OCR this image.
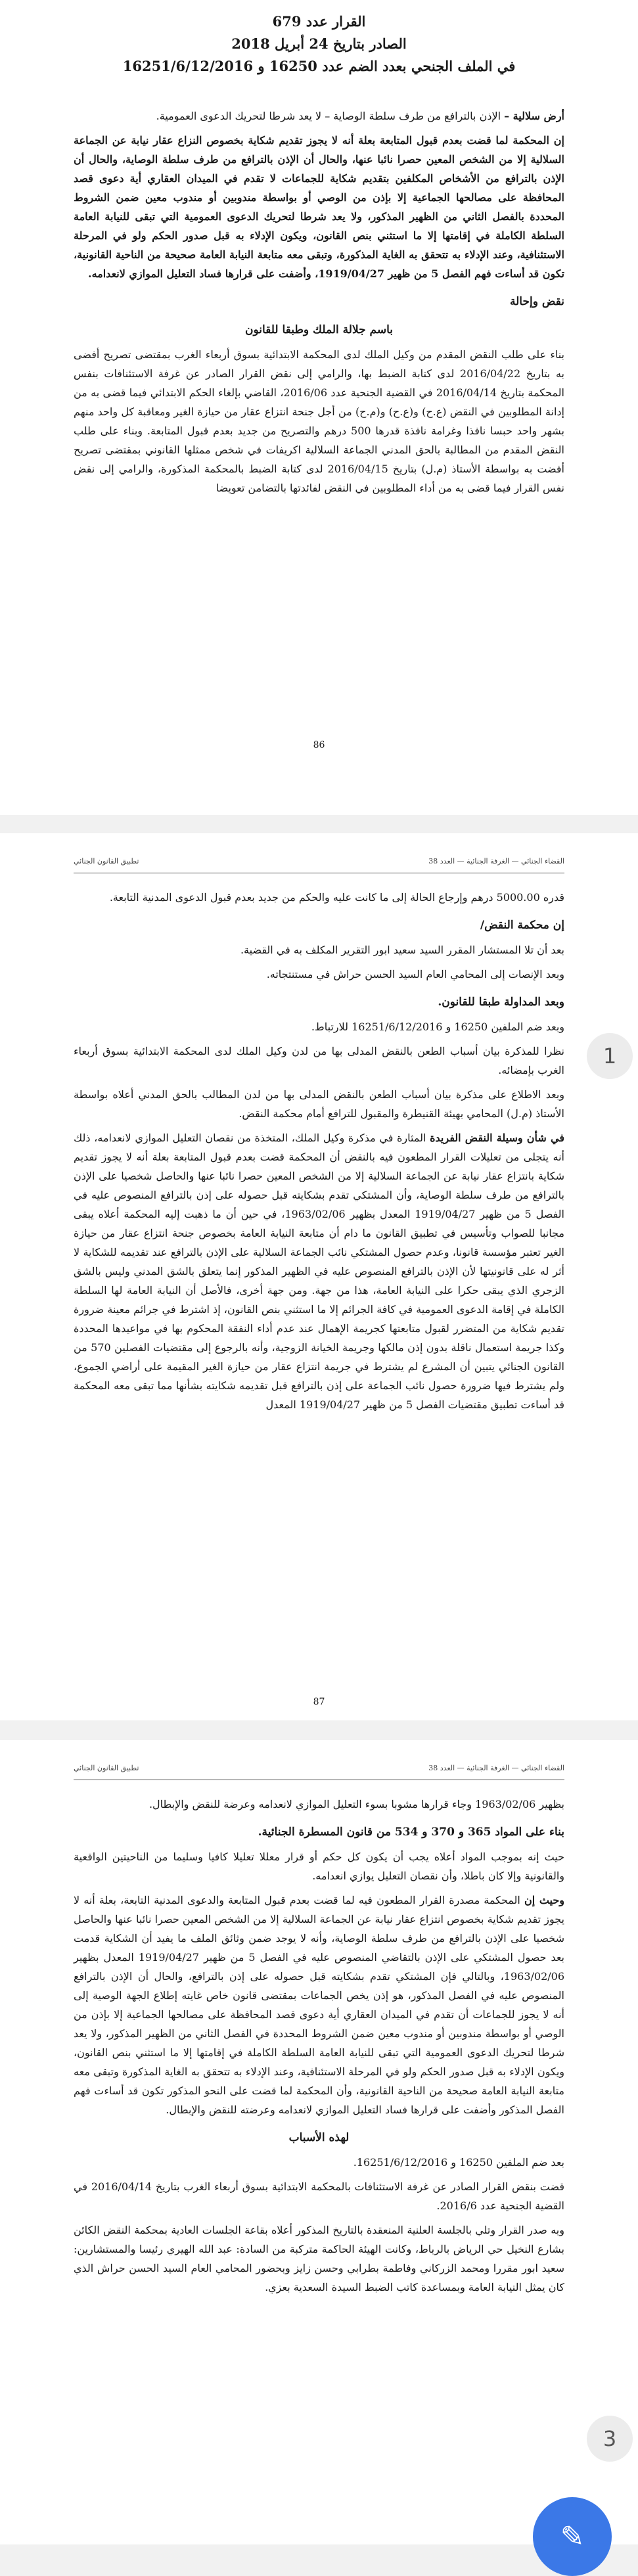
القرار عدد 679

الصادر بتاريخ 24 أبريل 2018

في الملف الجنحي بعدد الضم عدد 16250 و 16251/6/12/2016

أرض سلالية – الإذن بالترافع من طرف سلطة الوصاية – لا يعد شرطا لتحريك الدعوى العمومية.

إن المحكمة لما قضت بعدم قبول المتابعة بعلة أنه لا يجوز تقديم شكاية بخصوص النزاع عقار نيابة عن الجماعة السلالية إلا من الشخص المعين حصرا نائبا عنها، والحال أن الإذن بالترافع من طرف سلطة الوصاية، والحال أن الإذن بالترافع من الأشخاص المكلفين بتقديم شكاية للجماعات لا تقدم في الميدان العقاري أية دعوى قصد المحافظة على مصالحها الجماعية إلا بإذن من الوصي أو بواسطة مندوبين أو مندوب معين ضمن الشروط المحددة بالفصل الثاني من الظهير المذكور، ولا يعد شرطا لتحريك الدعوى العمومية التي تبقى للنيابة العامة السلطة الكاملة في إقامتها إلا ما استثني بنص القانون، ويكون الإدلاء به قبل صدور الحكم ولو في المرحلة الاستئنافية، وعند الإدلاء به تتحقق به الغاية المذكورة، وتبقى معه متابعة النيابة العامة صحيحة من الناحية القانونية، تكون قد أساءت فهم الفصل 5 من ظهير 1919/04/27، وأضفت على قرارها فساد التعليل الموازي لانعدامه.

نقض وإحالة

باسم جلالة الملك وطبقا للقانون

بناء على طلب النقض المقدم من وكيل الملك لدى المحكمة الابتدائية بسوق أربعاء الغرب بمقتضى تصريح أفضى به بتاريخ 2016/04/22 لدى كتابة الضبط بها، والرامي إلى نقض القرار الصادر عن غرفة الاستئنافات بنفس المحكمة بتاريخ 2016/04/14 في القضية الجنحية عدد 2016/06، القاضي بإلغاء الحكم الابتدائي فيما قضى به من إدانة المطلوبين في النقض (ع.ح) و(ع.ح) و(م.ح) من أجل جنحة انتزاع عقار من حيازة الغير ومعاقبة كل واحد منهم بشهر واحد حبسا نافذا وغرامة نافذة قدرها 500 درهم والتصريح من جديد بعدم قبول المتابعة. وبناء على طلب النقض المقدم من المطالبة بالحق المدني الجماعة السلالية اكريفات في شخص ممثلها القانوني بمقتضى تصريح أفضت به بواسطة الأستاذ (م.ل) بتاريخ 2016/04/15 لدى كتابة الضبط بالمحكمة المذكورة، والرامي إلى نقض نفس القرار فيما قضى به من أداء المطلوبين في النقض لفائدتها بالتضامن تعويضا

86
القضاء الجنائي — الغرفة الجنائية — العدد 38
تطبيق القانون الجنائي

قدره 5000.00 درهم وإرجاع الحالة إلى ما كانت عليه والحكم من جديد بعدم قبول الدعوى المدنية التابعة.

إن محكمة النقض/

بعد أن تلا المستشار المقرر السيد سعيد ابور التقرير المكلف به في القضية.

وبعد الإنصات إلى المحامي العام السيد الحسن حراش في مستنتجاته.

وبعد المداولة طبقا للقانون.

وبعد ضم الملفين 16250 و 16251/6/12/2016 للارتباط.

نظرا للمذكرة بيان أسباب الطعن بالنقض المدلى بها من لدن وكيل الملك لدى المحكمة الابتدائية بسوق أربعاء الغرب بإمضائه.

وبعد الاطلاع على مذكرة بيان أسباب الطعن بالنقض المدلى بها من لدن المطالب بالحق المدني أعلاه بواسطة الأستاذ (م.ل) المحامي بهيئة القنيطرة والمقبول للترافع أمام محكمة النقض.

في شأن وسيلة النقض الفريدة المثارة في مذكرة وكيل الملك، المتخذة من نقصان التعليل الموازي لانعدامه، ذلك أنه يتجلى من تعليلات القرار المطعون فيه بالنقض أن المحكمة قضت بعدم قبول المتابعة بعلة أنه لا يجوز تقديم شكاية بانتزاع عقار نيابة عن الجماعة السلالية إلا من الشخص المعين حصرا نائبا عنها والحاصل شخصيا على الإذن بالترافع من طرف سلطة الوصاية، وأن المشتكي تقدم بشكايته قبل حصوله على إذن بالترافع المنصوص عليه في الفصل 5 من ظهير 1919/04/27 المعدل بظهير 1963/02/06، في حين أن ما ذهبت إليه المحكمة أعلاه يبقى مجانبا للصواب وتأسيس في تطبيق القانون ما دام أن متابعة النيابة العامة بخصوص جنحة انتزاع عقار من حيازة الغير تعتبر مؤسسة قانونا، وعدم حصول المشتكي نائب الجماعة السلالية على الإذن بالترافع عند تقديمه للشكاية لا أثر له على قانونيتها لأن الإذن بالترافع المنصوص عليه في الظهير المذكور إنما يتعلق بالشق المدني وليس بالشق الزجري الذي يبقى حكرا على النيابة العامة، هذا من جهة. ومن جهة أخرى، فالأصل أن النيابة العامة لها السلطة الكاملة في إقامة الدعوى العمومية في كافة الجرائم إلا ما استثني بنص القانون، إذ اشترط في جرائم معينة ضرورة تقديم شكاية من المتضرر لقبول متابعتها كجريمة الإهمال عند عدم أداء النفقة المحكوم بها في مواعيدها المحددة وكذا جريمة استعمال ناقلة بدون إذن مالكها وجريمة الخيانة الزوجية، وأنه بالرجوع إلى مقتضيات الفصلين 570 من القانون الجنائي يتبين أن المشرع لم يشترط في جريمة انتزاع عقار من حيازة الغير المقيمة على أراضي الجموع، ولم يشترط فيها ضرورة حصول نائب الجماعة على إذن بالترافع قبل تقديمه شكايته بشأنها مما تبقى معه المحكمة قد أساءت تطبيق مقتضيات الفصل 5 من ظهير 1919/04/27 المعدل

87
القضاء الجنائي — الغرفة الجنائية — العدد 38
تطبيق القانون الجنائي

بظهير 1963/02/06 وجاء قرارها مشوبا بسوء التعليل الموازي لانعدامه وعرضة للنقض والإبطال.

بناء على المواد 365 و 370 و 534 من قانون المسطرة الجنائية.

حيث إنه بموجب المواد أعلاه يجب أن يكون كل حكم أو قرار معللا تعليلا كافيا وسليما من الناحيتين الواقعية والقانونية وإلا كان باطلا، وأن نقصان التعليل يوازي انعدامه.

وحيث إن المحكمة مصدرة القرار المطعون فيه لما قضت بعدم قبول المتابعة والدعوى المدنية التابعة، بعلة أنه لا يجوز تقديم شكاية بخصوص انتزاع عقار نيابة عن الجماعة السلالية إلا من الشخص المعين حصرا نائبا عنها والحاصل شخصيا على الإذن بالترافع من طرف سلطة الوصاية، وأنه لا يوجد ضمن وثائق الملف ما يفيد أن الشكاية قدمت بعد حصول المشتكي على الإذن بالتقاضي المنصوص عليه في الفصل 5 من ظهير 1919/04/27 المعدل بظهير 1963/02/06، وبالتالي فإن المشتكي تقدم بشكايته قبل حصوله على إذن بالترافع، والحال أن الإذن بالترافع المنصوص عليه في الفصل المذكور، هو إذن يخص الجماعات بمقتضى قانون خاص غايته إطلاع الجهة الوصية إلى أنه لا يجوز للجماعات أن تقدم في الميدان العقاري أية دعوى قصد المحافظة على مصالحها الجماعية إلا بإذن من الوصي أو بواسطة مندوبين أو مندوب معين ضمن الشروط المحددة في الفصل الثاني من الظهير المذكور، ولا يعد شرطا لتحريك الدعوى العمومية التي تبقى للنيابة العامة السلطة الكاملة في إقامتها إلا ما استثني بنص القانون، ويكون الإدلاء به قبل صدور الحكم ولو في المرحلة الاستئنافية، وعند الإدلاء به تتحقق به الغاية المذكورة وتبقى معه متابعة النيابة العامة صحيحة من الناحية القانونية، وأن المحكمة لما قضت على النحو المذكور تكون قد أساءت فهم الفصل المذكور وأضفت على قرارها فساد التعليل الموازي لانعدامه وعرضته للنقض والإبطال.

لهذه الأسباب

بعد ضم الملفين 16250 و 16251/6/12/2016.

قضت بنقض القرار الصادر عن غرفة الاستئنافات بالمحكمة الابتدائية بسوق أربعاء الغرب بتاريخ 2016/04/14 في القضية الجنحية عدد 2016/6.

وبه صدر القرار وتلي بالجلسة العلنية المنعقدة بالتاريخ المذكور أعلاه بقاعة الجلسات العادية بمحكمة النقض الكائن بشارع النخيل حي الرياض بالرباط، وكانت الهيئة الحاكمة متركبة من السادة: عبد الله الهيري رئيسا والمستشارين: سعيد ابور مقررا ومحمد الزركاني وفاطمة بطرابي وحسن زايز وبحضور المحامي العام السيد الحسن حراش الذي كان يمثل النيابة العامة وبمساعدة كاتب الضبط السيدة السعدية بعزي.

1
3
✎
